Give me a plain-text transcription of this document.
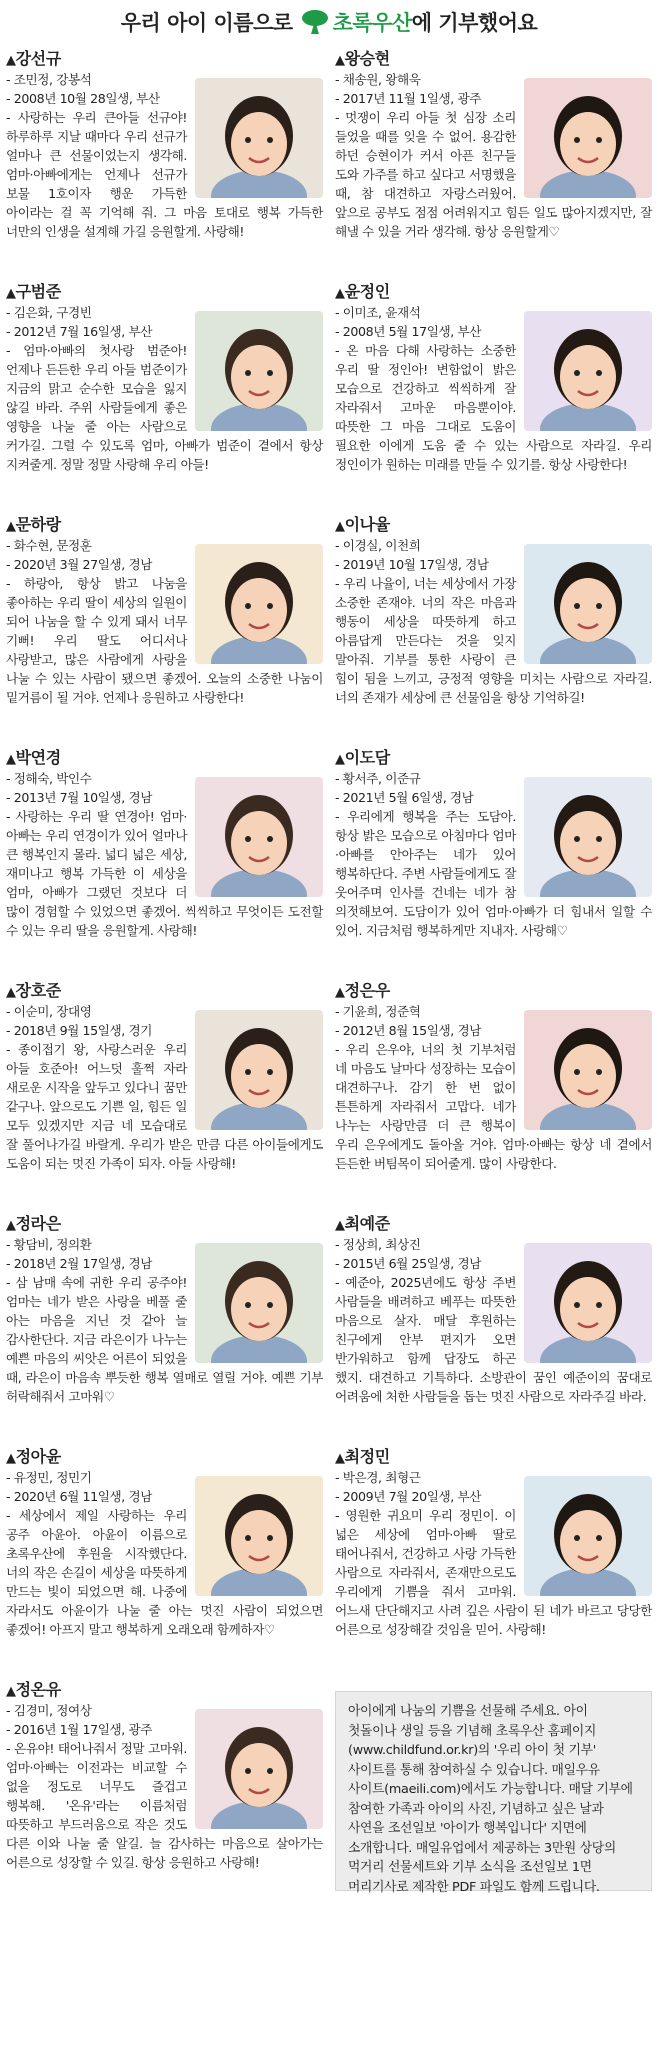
우리 아이 이름으로 초록우산 에 기부했어요
▲강선규
- 조민정, 강봉석
- 2008년 10월 28일생, 부산
- 사랑하는 우리 큰아들 선규야! 하루하루 지날 때마다 우리 선규가 얼마나 큰 선물이었는지 생각해. 엄마·아빠에게는 언제나 선규가 보물 1호이자 행운 가득한 아이라는 걸 꼭 기억해 줘. 그 마음 토대로 행복 가득한 너만의 인생을 설계해 가길 응원할게. 사랑해!
▲왕승현
- 채송원, 왕해욱
- 2017년 11월 1일생, 광주
- 멋쟁이 우리 아들 첫 심장 소리 들었을 때를 잊을 수 없어. 용감한 하던 승현이가 커서 아픈 친구들 도와 가주를 하고 싶다고 서명했을 때, 참 대견하고 자랑스러웠어. 앞으로 공부도 점점 어려워지고 힘든 일도 많아지겠지만, 잘 해낼 수 있을 거라 생각해. 항상 응원할게♡
▲구범준
- 김은화, 구경빈
- 2012년 7월 16일생, 부산
- 엄마·아빠의 첫사랑 범준아! 언제나 든든한 우리 아들 범준이가 지금의 맑고 순수한 모습을 잃지 않길 바라. 주위 사람들에게 좋은 영향을 나눌 줄 아는 사람으로 커가길. 그럴 수 있도록 엄마, 아빠가 범준이 곁에서 항상 지켜줄게. 정말 정말 사랑해 우리 아들!
▲윤정인
- 이미조, 윤재석
- 2008년 5월 17일생, 부산
- 온 마음 다해 사랑하는 소중한 우리 딸 정인아! 변함없이 밝은 모습으로 건강하고 씩씩하게 잘 자라줘서 고마운 마음뿐이야. 따뜻한 그 마음 그대로 도움이 필요한 이에게 도움 줄 수 있는 사람으로 자라길. 우리 정인이가 원하는 미래를 만들 수 있기를. 항상 사랑한다!
▲문하랑
- 화수현, 문정훈
- 2020년 3월 27일생, 경남
- 하랑아, 항상 밝고 나눔을 좋아하는 우리 딸이 세상의 일원이 되어 나눔을 할 수 있게 돼서 너무 기뻐! 우리 딸도 어디서나 사랑받고, 많은 사람에게 사랑을 나눌 수 있는 사람이 됐으면 좋겠어. 오늘의 소중한 나눔이 밑거름이 될 거야. 언제나 응원하고 사랑한다!
▲이나율
- 이경실, 이천희
- 2019년 10월 17일생, 경남
- 우리 나율이, 너는 세상에서 가장 소중한 존재야. 너의 작은 마음과 행동이 세상을 따뜻하게 하고 아름답게 만든다는 것을 잊지 말아줘. 기부를 통한 사랑이 큰 힘이 됨을 느끼고, 긍정적 영향을 미치는 사람으로 자라길. 너의 존재가 세상에 큰 선물임을 항상 기억하길!
▲박연경
- 정해숙, 박인수
- 2013년 7월 10일생, 경남
- 사랑하는 우리 딸 연경아! 엄마·아빠는 우리 연경이가 있어 얼마나 큰 행복인지 몰라. 넓디 넓은 세상, 재미나고 행복 가득한 이 세상을 엄마, 아빠가 그랬던 것보다 더 많이 경험할 수 있었으면 좋겠어. 씩씩하고 무엇이든 도전할 수 있는 우리 딸을 응원할게. 사랑해!
▲이도담
- 황서주, 이준규
- 2021년 5월 6일생, 경남
- 우리에게 행복을 주는 도담아. 항상 밝은 모습으로 아침마다 엄마·아빠를 안아주는 네가 있어 행복하단다. 주변 사람들에게도 잘 웃어주며 인사를 건네는 네가 참 의젓해보여. 도담이가 있어 엄마·아빠가 더 힘내서 일할 수 있어. 지금처럼 행복하게만 지내자. 사랑해♡
▲장호준
- 이순미, 장대영
- 2018년 9월 15일생, 경기
- 종이접기 왕, 사랑스러운 우리 아들 호준아! 어느덧 훌쩍 자라 새로운 시작을 앞두고 있다니 꿈만 같구나. 앞으로도 기쁜 일, 힘든 일 모두 있겠지만 지금 네 모습대로 잘 풀어나가길 바랄게. 우리가 받은 만큼 다른 아이들에게도 도움이 되는 멋진 가족이 되자. 아들 사랑해!
▲정은우
- 기윤희, 정준혁
- 2012년 8월 15일생, 경남
- 우리 은우야, 너의 첫 기부처럼 네 마음도 날마다 성장하는 모습이 대견하구나. 감기 한 번 없이 튼튼하게 자라줘서 고맙다. 네가 나누는 사랑만큼 더 큰 행복이 우리 은우에게도 돌아올 거야. 엄마·아빠는 항상 네 곁에서 든든한 버팀목이 되어줄게. 많이 사랑한다.
▲정라은
- 황담비, 정의환
- 2018년 2월 17일생, 경남
- 삼 남매 속에 귀한 우리 공주야! 엄마는 네가 받은 사랑을 베풀 줄 아는 마음을 지닌 것 같아 늘 감사한단다. 지금 라은이가 나누는 예쁜 마음의 씨앗은 어른이 되었을 때, 라은이 마음속 뿌듯한 행복 열매로 열릴 거야. 예쁜 기부 허락해줘서 고마워♡
▲최예준
- 정상희, 최상진
- 2015년 6월 25일생, 경남
- 예준아, 2025년에도 항상 주변 사람들을 배려하고 베푸는 따뜻한 마음으로 살자. 매달 후원하는 친구에게 안부 편지가 오면 반가워하고 함께 답장도 하곤 했지. 대견하고 기특하다. 소방관이 꿈인 예준이의 꿈대로 어려움에 처한 사람들을 돕는 멋진 사람으로 자라주길 바라.
▲정아윤
- 유정민, 정민기
- 2020년 6월 11일생, 경남
- 세상에서 제일 사랑하는 우리 공주 아윤아. 아윤이 이름으로 초록우산에 후원을 시작했단다. 너의 작은 손길이 세상을 따뜻하게 만드는 빛이 되었으면 해. 나중에 자라서도 아윤이가 나눌 줄 아는 멋진 사람이 되었으면 좋겠어! 아프지 말고 행복하게 오래오래 함께하자♡
▲최정민
- 박은경, 최형근
- 2009년 7월 20일생, 부산
- 영원한 귀요미 우리 정민이. 이 넓은 세상에 엄마·아빠 딸로 태어나줘서, 건강하고 사랑 가득한 사람으로 자라줘서, 존재만으로도 우리에게 기쁨을 줘서 고마워. 어느새 단단해지고 사려 깊은 사람이 된 네가 바르고 당당한 어른으로 성장해갈 것임을 믿어. 사랑해!
▲정온유
- 김경미, 정여상
- 2016년 1월 17일생, 광주
- 온유야! 태어나줘서 정말 고마워. 엄마·아빠는 이전과는 비교할 수 없을 정도로 너무도 즐겁고 행복해. '온유'라는 이름처럼 따뜻하고 부드러움으로 작은 것도 다른 이와 나눌 줄 알길. 늘 감사하는 마음으로 살아가는 어른으로 성장할 수 있길. 항상 응원하고 사랑해!
아이에게 나눔의 기쁨을 선물해 주세요. 아이 첫돌이나 생일 등을 기념해 초록우산 홈페이지(www.childfund.or.kr)의 '우리 아이 첫 기부' 사이트를 통해 참여하실 수 있습니다. 매일우유 사이트(maeili.com)에서도 가능합니다. 매달 기부에 참여한 가족과 아이의 사진, 기념하고 싶은 날과 사연을 조선일보 '아이가 행복입니다' 지면에 소개합니다. 매일유업에서 제공하는 3만원 상당의 먹거리 선물세트와 기부 소식을 조선일보 1면 머리기사로 제작한 PDF 파일도 함께 드립니다.
